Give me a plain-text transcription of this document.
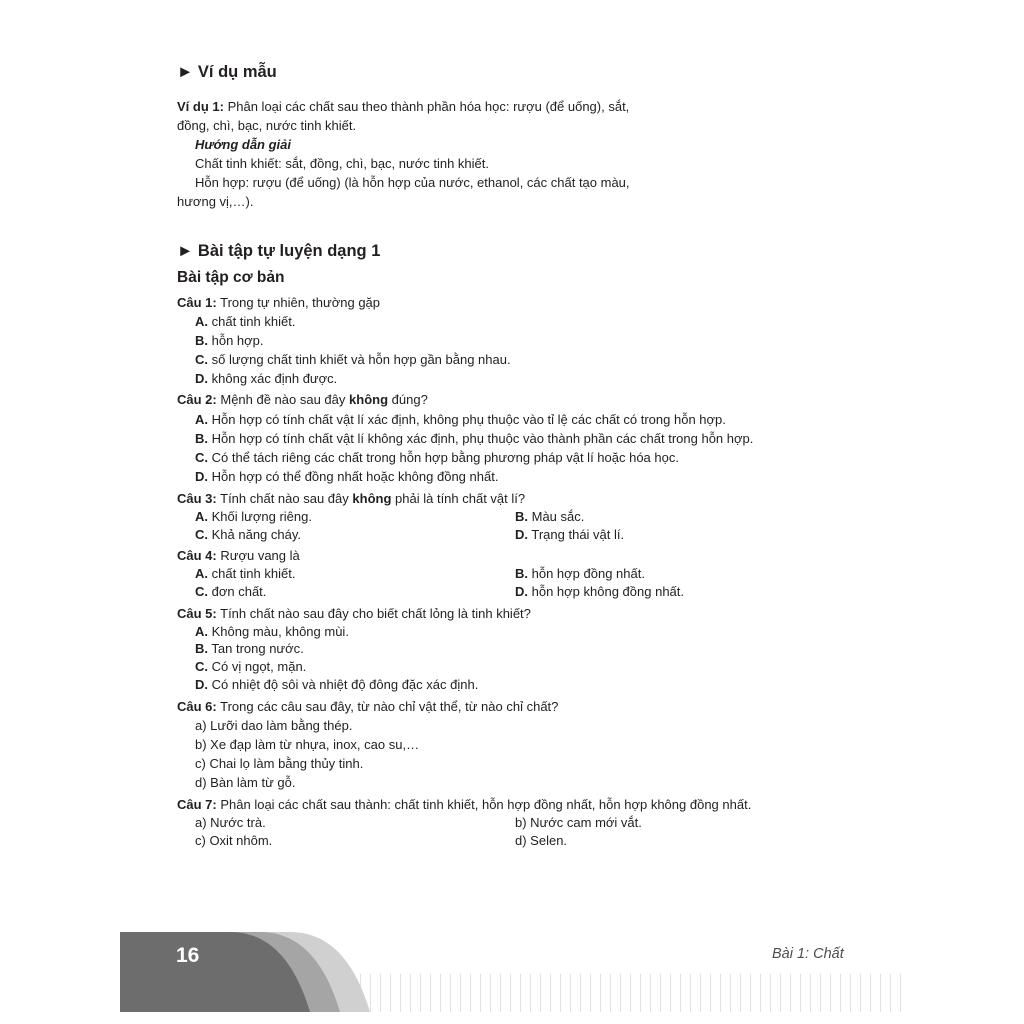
► Ví dụ mẫu
Ví dụ 1: Phân loại các chất sau theo thành phần hóa học: rượu (để uống), sắt,
đồng, chì, bạc, nước tinh khiết.
Hướng dẫn giải
Chất tinh khiết: sắt, đồng, chì, bạc, nước tinh khiết.
Hỗn hợp: rượu (để uống) (là hỗn hợp của nước, ethanol, các chất tạo màu,
hương vị,…).
► Bài tập tự luyện dạng 1
Bài tập cơ bản
Câu 1: Trong tự nhiên, thường gặp
A. chất tinh khiết.
B. hỗn hợp.
C. số lượng chất tinh khiết và hỗn hợp gần bằng nhau.
D. không xác định được.
Câu 2: Mệnh đề nào sau đây không đúng?
A. Hỗn hợp có tính chất vật lí xác định, không phụ thuộc vào tỉ lệ các chất có trong hỗn hợp.
B. Hỗn hợp có tính chất vật lí không xác định, phụ thuộc vào thành phần các chất trong hỗn hợp.
C. Có thể tách riêng các chất trong hỗn hợp bằng phương pháp vật lí hoặc hóa học.
D. Hỗn hợp có thể đồng nhất hoặc không đồng nhất.
Câu 3: Tính chất nào sau đây không phải là tính chất vật lí?
A. Khối lượng riêng.	B. Màu sắc.
C. Khả năng cháy.	D. Trạng thái vật lí.
Câu 4: Rượu vang là
A. chất tinh khiết.	B. hỗn hợp đồng nhất.
C. đơn chất.	D. hỗn hợp không đồng nhất.
Câu 5: Tính chất nào sau đây cho biết chất lỏng là tinh khiết?
A. Không màu, không mùi.
B. Tan trong nước.
C. Có vị ngọt, mặn.
D. Có nhiệt độ sôi và nhiệt độ đông đặc xác định.
Câu 6: Trong các câu sau đây, từ nào chỉ vật thể, từ nào chỉ chất?
a) Lưỡi dao làm bằng thép.
b) Xe đạp làm từ nhựa, inox, cao su,…
c) Chai lọ làm bằng thủy tinh.
d) Bàn làm từ gỗ.
Câu 7: Phân loại các chất sau thành: chất tinh khiết, hỗn hợp đồng nhất, hỗn hợp không đồng nhất.
a) Nước trà.	b) Nước cam mới vắt.
c) Oxit nhôm.	d) Selen.
16	Bài 1: Chất
